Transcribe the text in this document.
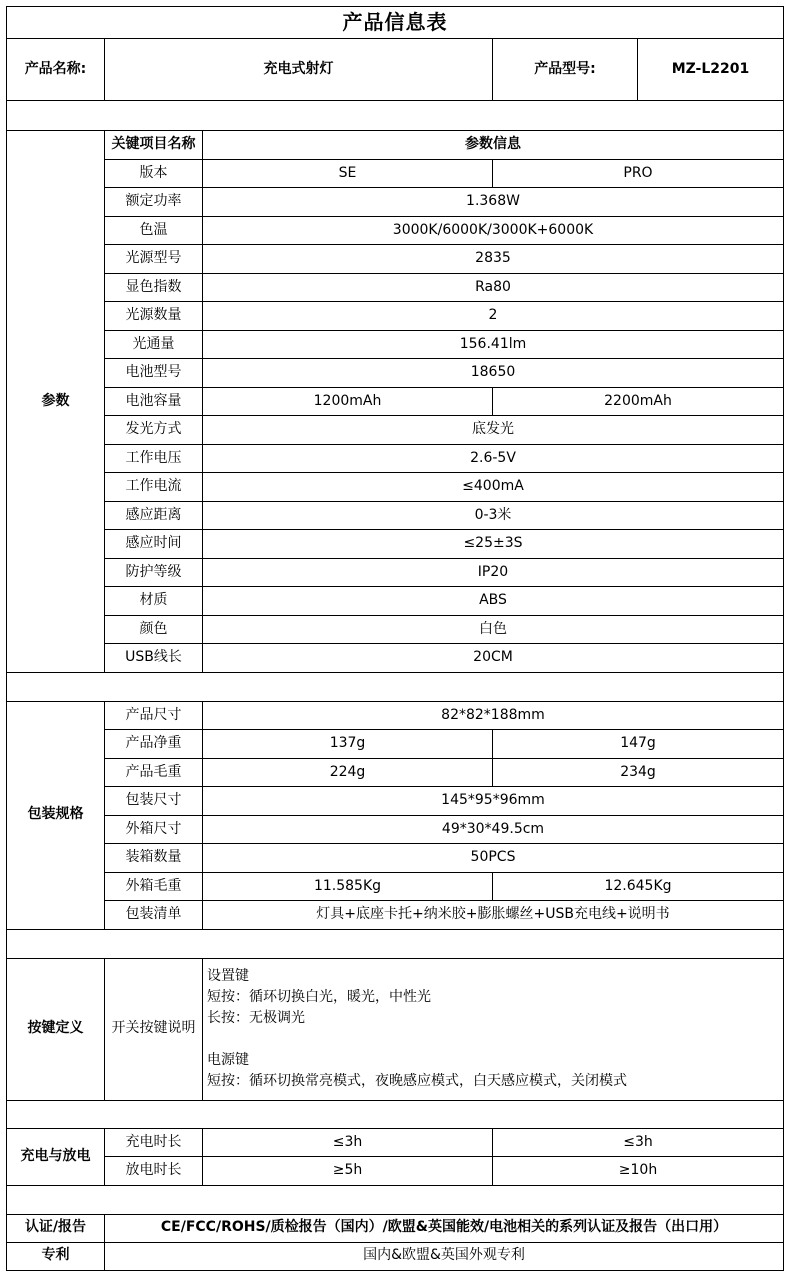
产品信息表				
产品名称:	充电式射灯		产品型号:	MZ-L2201

参数	关键项目名称	参数信息		
	版本	SE	PRO	
	额定功率	1.368W		
	色温	3000K/6000K/3000K+6000K		
	光源型号	2835		
	显色指数	Ra80		
	光源数量	2		
	光通量	156.41lm		
	电池型号	18650		
	电池容量	1200mAh	2200mAh	
	发光方式	底发光		
	工作电压	2.6-5V		
	工作电流	≤400mA		
	感应距离	0-3米		
	感应时间	≤25±3S		
	防护等级	IP20		
	材质	ABS		
	颜色	白色		
	USB线长	20CM		

包装规格	产品尺寸	82*82*188mm		
	产品净重	137g	147g	
	产品毛重	224g	234g	
	包装尺寸	145*95*96mm		
	外箱尺寸	49*30*49.5cm		
	装箱数量	50PCS		
	外箱毛重	11.585Kg	12.645Kg	
	包装清单	灯具+底座卡托+纳米胶+膨胀螺丝+USB充电线+说明书		

按键定义	开关按键说明	设置键
短按：循环切换白光，暖光，中性光
长按：无极调光

电源键
短按：循环切换常亮模式，夜晚感应模式，白天感应模式，关闭模式		

充电与放电	充电时长	≤3h	≤3h	
	放电时长	≥5h	≥10h	

认证/报告	CE/FCC/ROHS/质检报告（国内）/欧盟&英国能效/电池相关的系列认证及报告（出口用）			
专利	国内&欧盟&英国外观专利			
